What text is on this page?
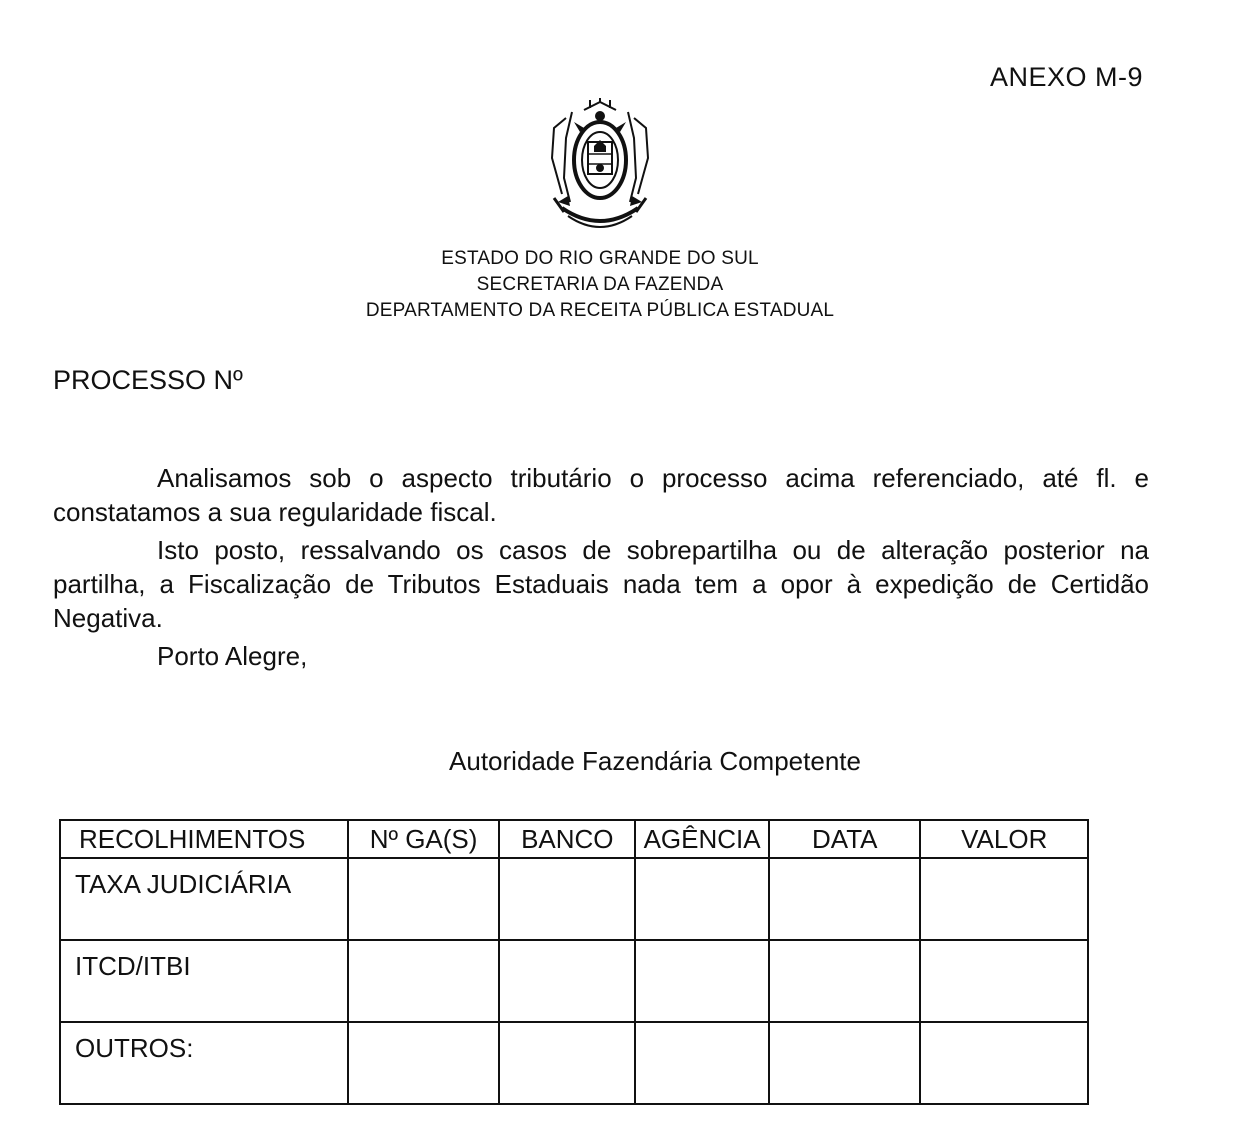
ANEXO M-9
ESTADO DO RIO GRANDE DO SUL
SECRETARIA DA FAZENDA
DEPARTAMENTO DA RECEITA PÚBLICA ESTADUAL
PROCESSO Nº

Analisamos sob o aspecto tributário o processo acima referenciado, até fl. e constatamos a sua regularidade fiscal.

Isto posto, ressalvando os casos de sobrepartilha ou de alteração posterior na partilha, a Fiscalização de Tributos Estaduais nada tem a opor à expedição de Certidão Negativa.

Porto Alegre,

Autoridade Fazendária Competente
RECOLHIMENTOS	Nº GA(S)	BANCO	AGÊNCIA	DATA	VALOR
TAXA JUDICIÁRIA					
ITCD/ITBI					
OUTROS:					
